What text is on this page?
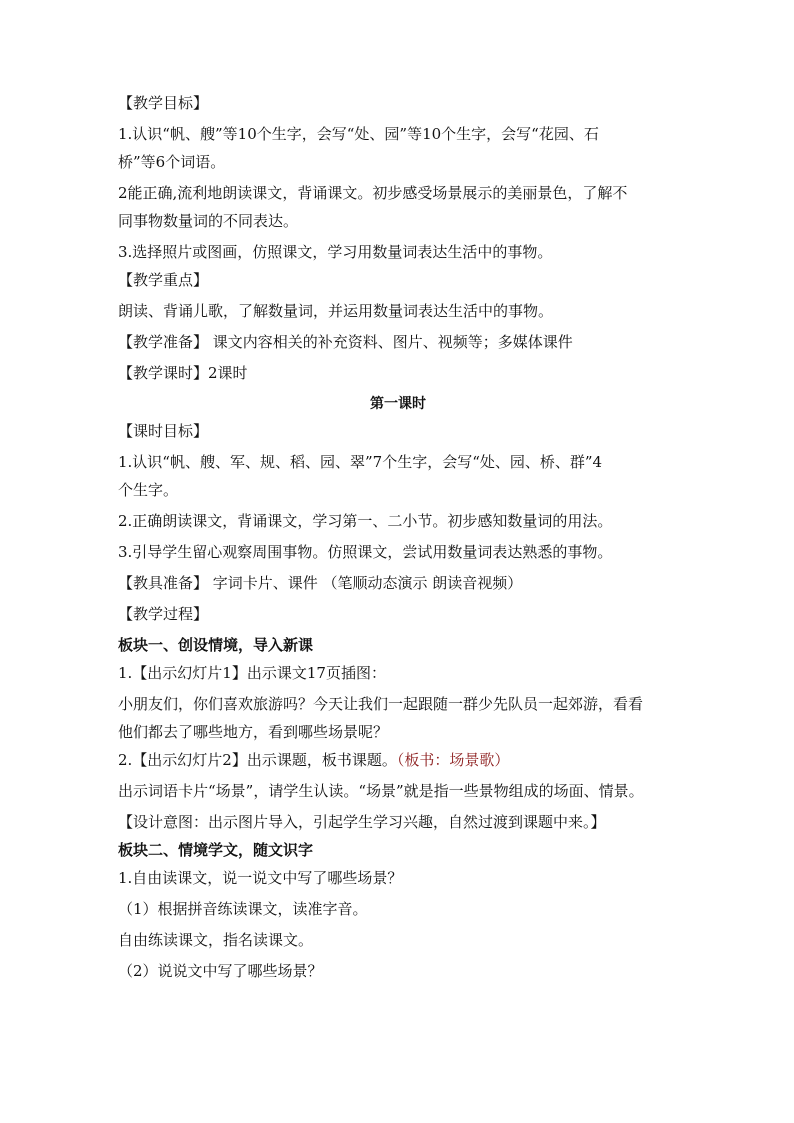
【教学目标】
1.认识“帆、艘”等10个生字，会写“处、园”等10个生字，会写“花园、石
桥”等6个词语。
2能正确,流利地朗读课文，背诵课文。初步感受场景展示的美丽景色，了解不
同事物数量词的不同表达。
3.选择照片或图画，仿照课文，学习用数量词表达生活中的事物。
【教学重点】
朗读、背诵儿歌，了解数量词，并运用数量词表达生活中的事物。
【教学准备】 课文内容相关的补充资料、图片、视频等；多媒体课件
【教学课时】2课时
第一课时
【课时目标】
1.认识“帆、艘、军、规、稻、园、翠”7个生字，会写“处、园、桥、群”4
个生字。
2.正确朗读课文，背诵课文，学习第一、二小节。初步感知数量词的用法。
3.引导学生留心观察周围事物。仿照课文，尝试用数量词表达熟悉的事物。
【教具准备】 字词卡片、课件 （笔顺动态演示 朗读音视频）
【教学过程】
板块一、创设情境，导入新课
1.【出示幻灯片1】出示课文17页插图：
小朋友们，你们喜欢旅游吗？今天让我们一起跟随一群少先队员一起郊游，看看
他们都去了哪些地方，看到哪些场景呢？
2.【出示幻灯片2】出示课题，板书课题。（板书：场景歌）
出示词语卡片“场景”，请学生认读。“场景”就是指一些景物组成的场面、情景。
【设计意图：出示图片导入，引起学生学习兴趣，自然过渡到课题中来。】
板块二、情境学文，随文识字
1.自由读课文，说一说文中写了哪些场景？
（1）根据拼音练读课文，读准字音。
自由练读课文，指名读课文。
（2）说说文中写了哪些场景？
